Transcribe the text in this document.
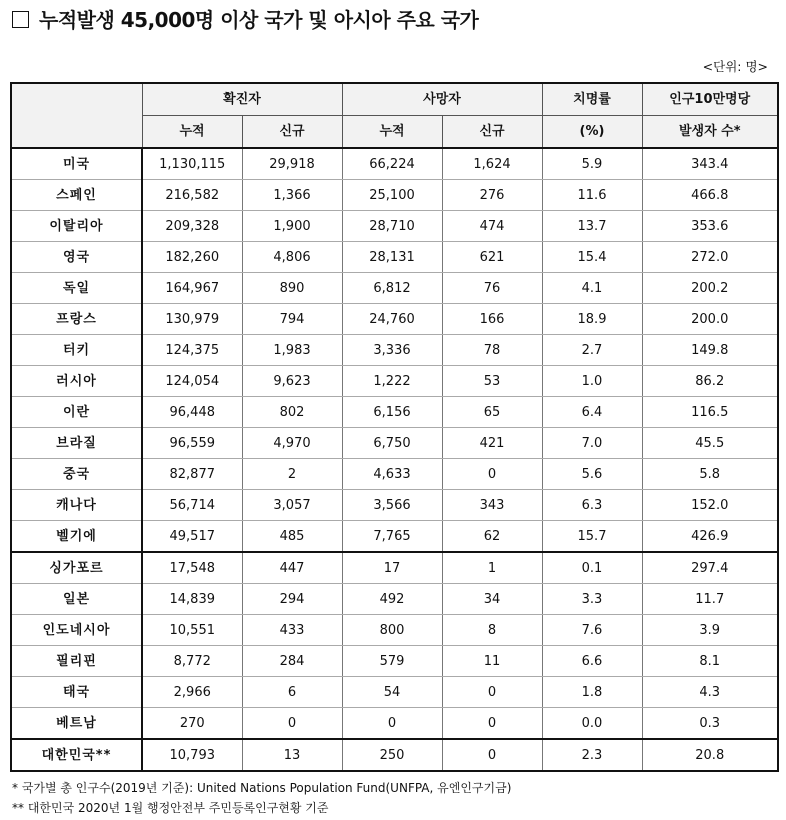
누적발생 45,000명 이상 국가 및 아시아 주요 국가
<단위: 명>
	확진자		사망자		치명률	인구10만명당
	누적	신규	누적	신규	(%)	발생자 수*
미국	1,130,115	29,918	66,224	1,624	5.9	343.4
스페인	216,582	1,366	25,100	276	11.6	466.8
이탈리아	209,328	1,900	28,710	474	13.7	353.6
영국	182,260	4,806	28,131	621	15.4	272.0
독일	164,967	890	6,812	76	4.1	200.2
프랑스	130,979	794	24,760	166	18.9	200.0
터키	124,375	1,983	3,336	78	2.7	149.8
러시아	124,054	9,623	1,222	53	1.0	86.2
이란	96,448	802	6,156	65	6.4	116.5
브라질	96,559	4,970	6,750	421	7.0	45.5
중국	82,877	2	4,633	0	5.6	5.8
캐나다	56,714	3,057	3,566	343	6.3	152.0
벨기에	49,517	485	7,765	62	15.7	426.9
싱가포르	17,548	447	17	1	0.1	297.4
일본	14,839	294	492	34	3.3	11.7
인도네시아	10,551	433	800	8	7.6	3.9
필리핀	8,772	284	579	11	6.6	8.1
태국	2,966	6	54	0	1.8	4.3
베트남	270	0	0	0	0.0	0.3
대한민국**	10,793	13	250	0	2.3	20.8
* 국가별 총 인구수(2019년 기준): United Nations Population Fund(UNFPA, 유엔인구기금)
** 대한민국 2020년 1월 행정안전부 주민등록인구현황 기준
